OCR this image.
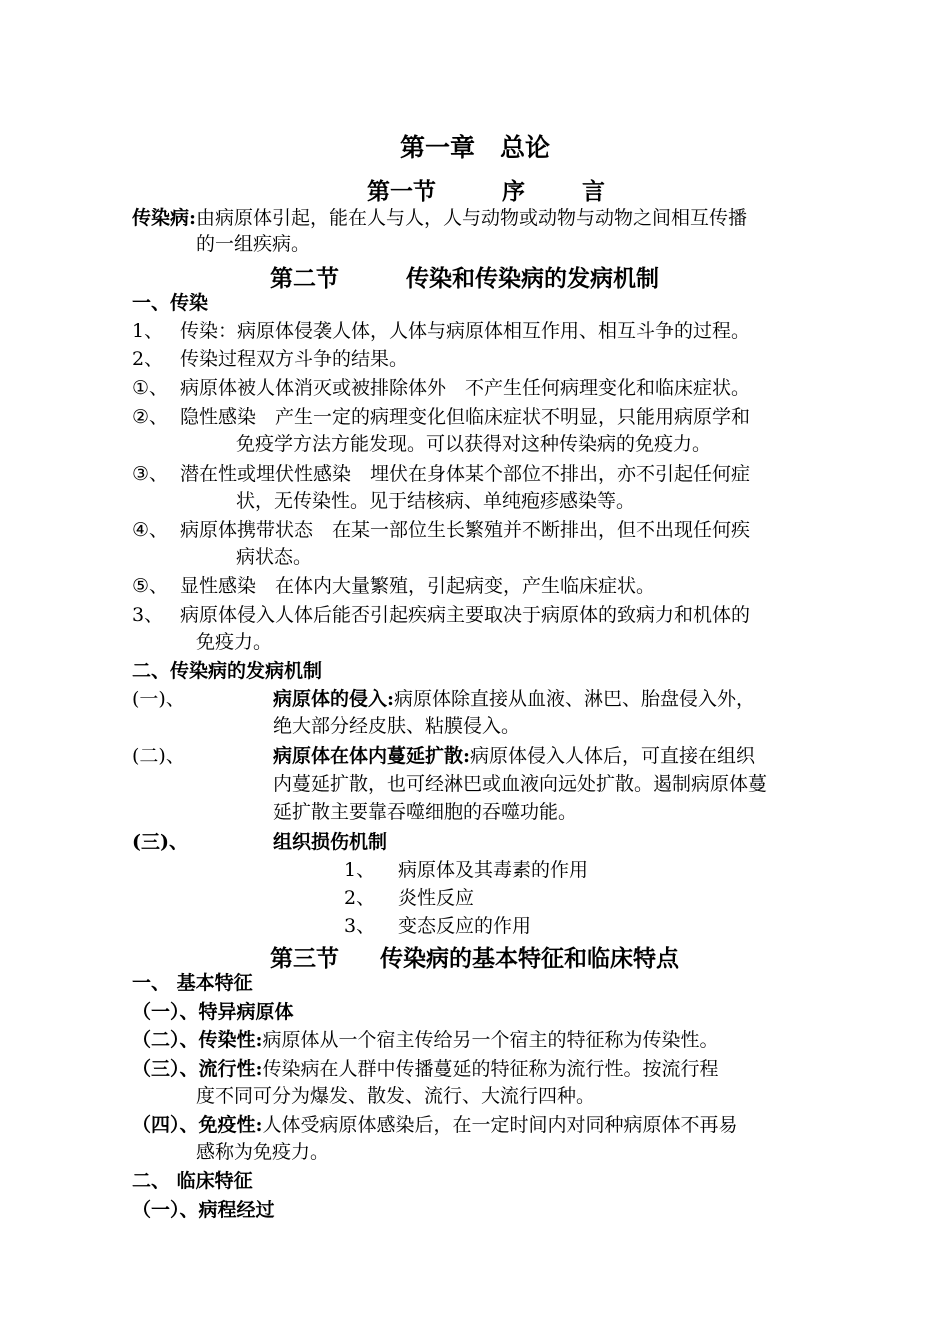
第一章　总论
第一节	序 言
传染病:由病原体引起，能在人与人，人与动物或动物与动物之间相互传播
的一组疾病。
第二节	传染和传染病的发病机制
一、传染
1、 传染：病原体侵袭人体，人体与病原体相互作用、相互斗争的过程。
2、 传染过程双方斗争的结果。
①、 病原体被人体消灭或被排除体外　不产生任何病理变化和临床症状。
②、 隐性感染　产生一定的病理变化但临床症状不明显，只能用病原学和
免疫学方法方能发现。可以获得对这种传染病的免疫力。
③、 潜在性或埋伏性感染　埋伏在身体某个部位不排出，亦不引起任何症
状，无传染性。见于结核病、单纯疱疹感染等。
④、 病原体携带状态　在某一部位生长繁殖并不断排出，但不出现任何疾
病状态。
⑤、 显性感染　在体内大量繁殖，引起病变，产生临床症状。
3、 病原体侵入人体后能否引起疾病主要取决于病原体的致病力和机体的
免疫力。
二、传染病的发病机制
(一)、	病原体的侵入:病原体除直接从血液、淋巴、胎盘侵入外，
绝大部分经皮肤、粘膜侵入。
(二)、	病原体在体内蔓延扩散:病原体侵入人体后，可直接在组织
内蔓延扩散，也可经淋巴或血液向远处扩散。遏制病原体蔓
延扩散主要靠吞噬细胞的吞噬功能。
(三)、	组织损伤机制
1、 病原体及其毒素的作用
2、 炎性反应
3、 变态反应的作用
第三节 传染病的基本特征和临床特点
一、 基本特征
（一）、特异病原体
（二）、传染性:病原体从一个宿主传给另一个宿主的特征称为传染性。
（三）、流行性:传染病在人群中传播蔓延的特征称为流行性。按流行程
度不同可分为爆发、散发、流行、大流行四种。
（四）、免疫性:人体受病原体感染后，在一定时间内对同种病原体不再易
感称为免疫力。
二、 临床特征
（一）、病程经过
